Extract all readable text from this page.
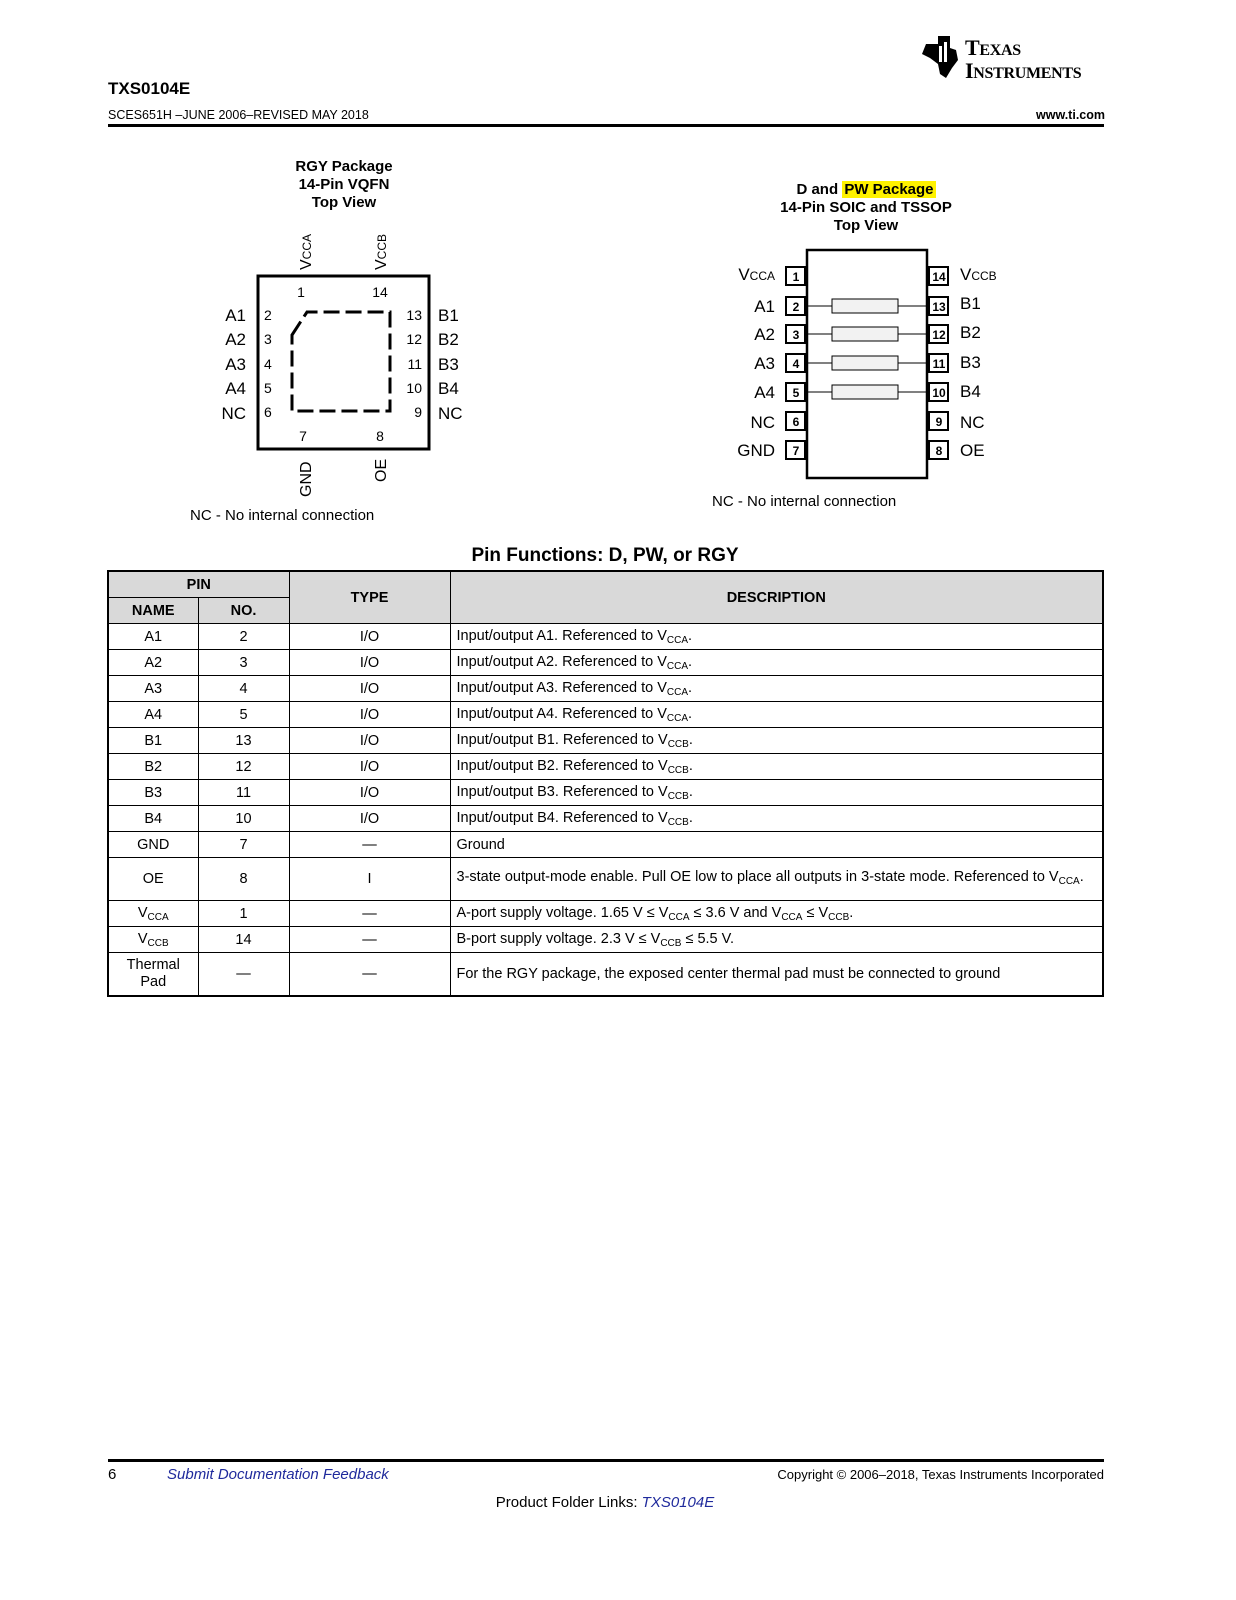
TEXAS
INSTRUMENTS
TXS0104E
SCES651H –JUNE 2006–REVISED MAY 2018	www.ti.com
RGY Package
14-Pin VQFN
Top View
VCCA
VCCB
1	14
2
3
4
5
6
A1
A2
A3
A4
NC
13
12
11
10
9
B1
B2
B3
B4
NC
7	8
GND	OE
NC - No internal connection
D and PW Package
14-Pin SOIC and TSSOP
Top View
1
2
3
4
5
6
7
VCCA
A1
A2
A3
A4
NC
GND
14
13
12
11
10
9
8
VCCB
B1
B2
B3
B4
NC
OE
NC - No internal connection
Pin Functions: D, PW, or RGY
PIN		TYPE	DESCRIPTION
NAME	NO.		
A1	2	I/O	Input/output A1. Referenced to $V_{CCA}$.
A2	3	I/O	Input/output A2. Referenced to $V_{CCA}$.
A3	4	I/O	Input/output A3. Referenced to $V_{CCA}$.
A4	5	I/O	Input/output A4. Referenced to $V_{CCA}$.
B1	13	I/O	Input/output B1. Referenced to $V_{CCB}$.
B2	12	I/O	Input/output B2. Referenced to $V_{CCB}$.
B3	11	I/O	Input/output B3. Referenced to $V_{CCB}$.
B4	10	I/O	Input/output B4. Referenced to $V_{CCB}$.
GND	7	—	Ground
OE	8	I	3-state output-mode enable. Pull OE low to place all outputs in 3-state mode. Referenced to $V_{CCA}$.
$V_{CCA}$	1	—	A-port supply voltage. 1.65 $V \le V_{CCA} \le 3.6$ V and $V_{CCA} \le V_{CCB}$.
$V_{CCB}$	14	—	B-port supply voltage. 2.3 $V \le V_{CCB} \le 5.5$ V.

Thermal
Pad	—	—	For the RGY package, the exposed center thermal pad must be connected to ground
6	Submit Documentation Feedback	Copyright © 2006–2018, Texas Instruments Incorporated
Product Folder Links: TXS0104E
